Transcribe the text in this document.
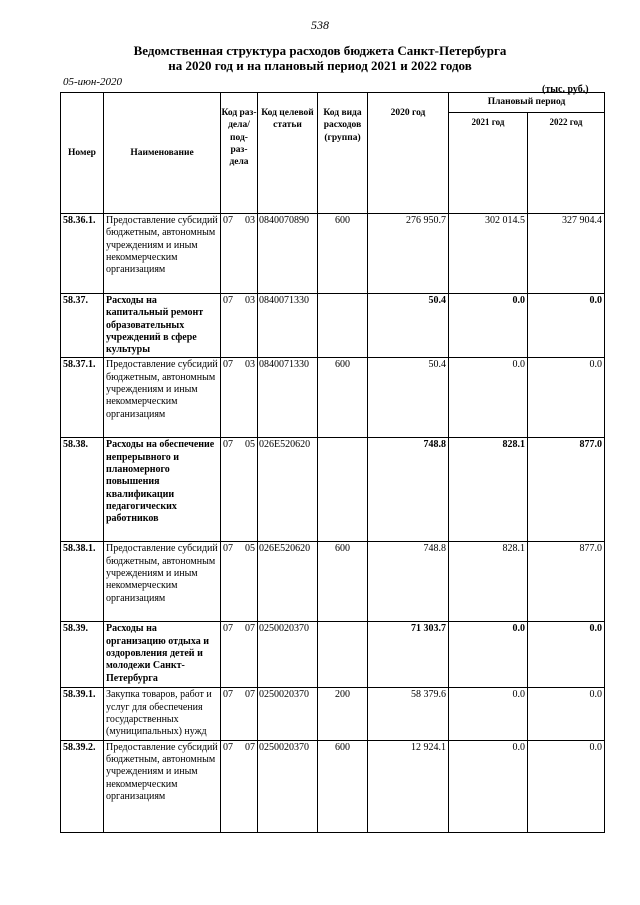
538
Ведомственная структура расходов бюджета Санкт-Петербурга
на 2020 год и на плановый период 2021 и 2022 годов
05-июн-2020
(тыс. руб.)
Номер	Наименование	Код раз- дела/ под- раз- дела	Код целевой статьи	Код вида расходов (группа)	2020 год	Плановый период	
						2021 год	2022 год
58.36.1.	Предоставление субсидий бюджетным, автономным учреждениям и иным некоммерческим организациям	07 03	0840070890	600	276 950.7	302 014.5	327 904.4
58.37.	Расходы на капитальный ремонт образовательных учреждений в сфере культуры	07 03	0840071330		50.4	0.0	0.0
58.37.1.	Предоставление субсидий бюджетным, автономным учреждениям и иным некоммерческим организациям	07 03	0840071330	600	50.4	0.0	0.0
58.38.	Расходы на обеспечение непрерывного и планомерного повышения квалификации педагогических работников	07 05	026E520620		748.8	828.1	877.0
58.38.1.	Предоставление субсидий бюджетным, автономным учреждениям и иным некоммерческим организациям	07 05	026E520620	600	748.8	828.1	877.0
58.39.	Расходы на организацию отдыха и оздоровления детей и молодежи Санкт-Петербурга	07 07	0250020370		71 303.7	0.0	0.0
58.39.1.	Закупка товаров, работ и услуг для обеспечения государственных (муниципальных) нужд	07 07	0250020370	200	58 379.6	0.0	0.0
58.39.2.	Предоставление субсидий бюджетным, автономным учреждениям и иным некоммерческим организациям	07 07	0250020370	600	12 924.1	0.0	0.0
